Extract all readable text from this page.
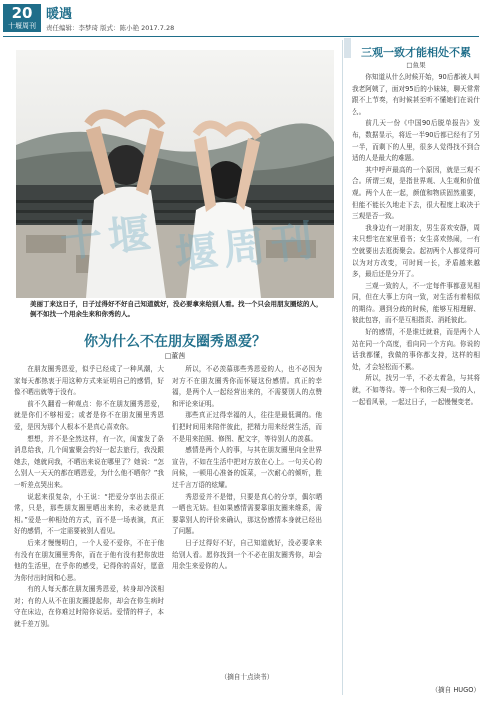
20
十堰周刊
暖遇
责任编辑：李梦琦 版式：陈小艳 2017.7.28
美丽丁来这日子，日子过得好不好自己知道就好，没必要拿来给别人看。找一个只会用朋友圈炫的人，倒不如找一个用余生来和你秀的人。
十堰 堰周刊
你为什么不在朋友圈秀恩爱？
□董茜

在朋友圈秀恩爱，似乎已经成了一种风潮，大家每天都热衷于用这种方式来证明自己的感情，好像不晒出就等于没有。

前不久翻看一种观点：你不在朋友圈秀恩爱，就是你们不够相爱；或者是你不在朋友圈里秀恩爱，是因为那个人根本不是真心喜欢你。

想想，并不是全然这样，有一次，闺蜜发了条消息给我，几个闺蜜聚会约好一起去旅行，我没跟她去，她就问我，不晒出来说在哪里了？她说：“怎么别人一天天的都在晒恩爱，为什么他不晒你？”我一听差点哭出来。

说起来很复杂，小王说：“把爱分享出去很正常，只是，那些朋友圈里晒出来的，未必就是真相。”爱是一种相处的方式，而不是一场表演，真正好的感情，不一定需要被别人看见。

后来才慢慢明白，一个人爱不爱你，不在于他有没有在朋友圈里秀你，而在于他有没有把你放进他的生活里，在乎你的感受，记得你的喜好，愿意为你付出时间和心思。

有的人每天都在朋友圈秀恩爱，转身却冷淡相对；有的人从不在朋友圈提起你，却会在你生病时守在床边，在你难过时陪你说话。爱情的样子，本就千差万别。

所以，不必羡慕那些秀恩爱的人，也不必因为对方不在朋友圈秀你而怀疑这份感情。真正的幸福，是两个人一起经营出来的，不需要别人的点赞和评论来证明。

那些真正过得幸福的人，往往是最低调的。他们把时间用来陪伴彼此，把精力用来经营生活，而不是用来拍照、修图、配文字，等待别人的羡慕。

感情是两个人的事，与其在朋友圈里向全世界宣告，不如在生活中把对方放在心上。一句关心的问候，一顿用心准备的饭菜，一次耐心的倾听，胜过千言万语的炫耀。

秀恩爱并不是错，只要是真心的分享，偶尔晒一晒也无妨。但如果感情需要靠朋友圈来维系，需要靠别人的评价来确认，那这份感情本身就已经出了问题。

日子过得好不好，自己知道就好，没必要拿来给别人看。愿你找到一个不必在朋友圈秀你，却会用余生来爱你的人。

（摘自十点读书）
三观一致才能相处不累
□鱼果

你知道从什么时候开始，90后都被人叫我老阿姨了，面对95后的小妹妹，聊天常常跟不上节奏，有时候甚至听不懂她们在说什么。

前几天一份《中国90后脱单报告》发布，数据显示，将近一半90后都已经有了另一半，而剩下的人里，很多人觉得找不到合适的人是最大的难题。

其中呼声最高的一个原因，就是三观不合。所谓三观，是指世界观、人生观和价值观。两个人在一起，颜值和物质固然重要，但能不能长久地走下去，很大程度上取决于三观是否一致。

我身边有一对朋友，男生喜欢安静，周末只想宅在家里看书；女生喜欢热闹，一有空就要出去逛街聚会。起初两个人都觉得可以为对方改变，可时间一长，矛盾越来越多，最后还是分开了。

三观一致的人，不一定每件事都意见相同，但在大事上方向一致，对生活有着相似的期待。遇到分歧的时候，能够互相理解、彼此包容，而不是互相指责、消耗彼此。

好的感情，不是谁迁就谁，而是两个人站在同一个高度，看向同一个方向。你说的话我都懂，我做的事你都支持，这样的相处，才会轻松而不累。

所以，找另一半，不必太着急，与其将就，不如等待。等一个和你三观一致的人，一起看风景，一起过日子，一起慢慢变老。

（摘自 HUGO）
